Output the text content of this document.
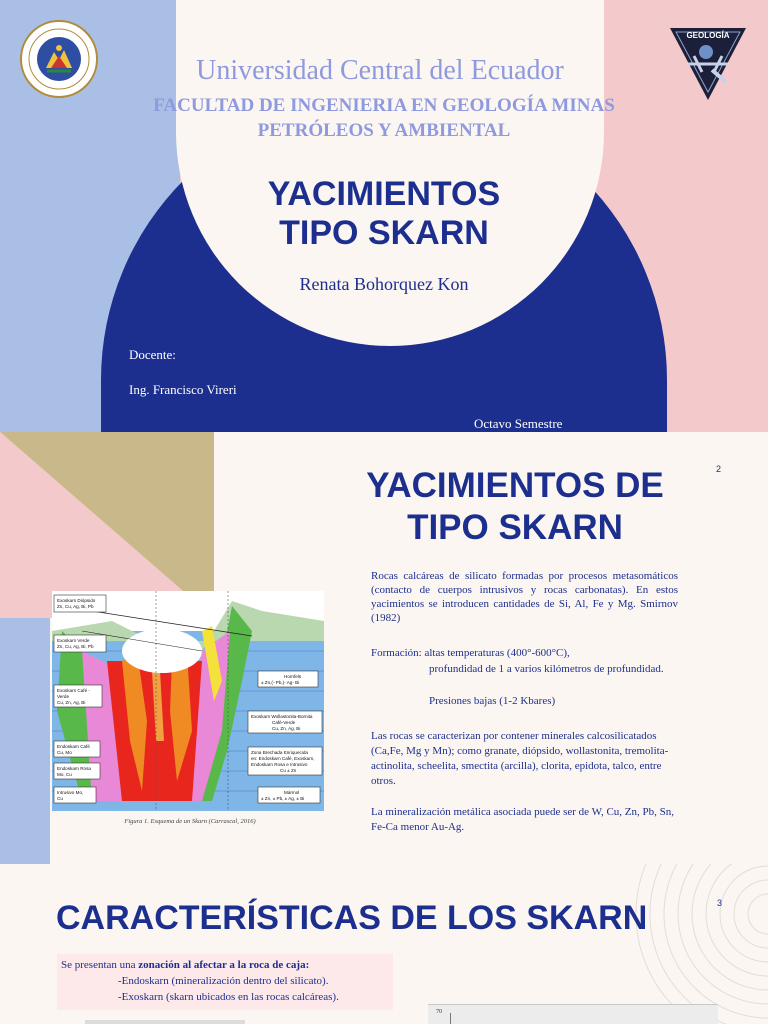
GEOLOGÍA
Universidad Central del Ecuador
FACULTAD DE INGENIERIA EN GEOLOGÍA MINAS
PETRÓLEOS Y AMBIENTAL
YACIMIENTOS
TIPO SKARN
Renata Bohorquez Kon
Docente:
Ing. Francisco Vireri
Octavo Semestre
2
YACIMIENTOS DE
TIPO SKARN
Exoskarn Diópsido
Zn, Cu, Ag, Bi, Pb
Exoskarn Verde
Zn, Cu, Ag, Bi, Pb
Exoskarn Café -
Verde
Cu, Zn, Ag, Bi
Endoskarn Café
Cu, Mo
Endoskarn Rosa
Mo, Cu
Intrusivo Mo,
Cu
Hornfels
± Zn,(- Pb,)- Ag- Bi
Exoskarn Wollastonita-Bornita
Café-Verde
Cu, Zn, Ag, Bi
Zona Brechada Enriquecida
en: Endoskarn Café, Exoskarn,
Endoskarn Rosa e Intrusivo
Cu ± Zn
Mármol
± Zn, ± Pb, ± Ag, ± Bi
Figura 1. Esquema de un Skarn (Carrascal, 2016)
Rocas calcáreas de silicato formadas por procesos metasomáticos (contacto de cuerpos intrusivos y rocas carbonatas). En estos yacimientos se introducen cantidades de Si, Al, Fe y Mg. Smirnov (1982)
Formación: altas temperaturas (400°-600°C),
profundidad de 1 a varios kilómetros de profundidad.
Presiones bajas (1-2 Kbares)
Las rocas se caracterizan por contener minerales calcosilicatados (Ca,Fe, Mg y Mn); como granate, diópsido, wollastonita, tremolita-actinolita, scheelita, smectita (arcilla), clorita, epidota, talco, entre otros.
La mineralización metálica asociada puede ser de W, Cu, Zn, Pb, Sn, Fe-Ca menor Au-Ag.
3
CARACTERÍSTICAS DE LOS SKARN
Se presentan una zonación al afectar a la roca de caja:
-Endoskarn (mineralización dentro del silicato).
-Exoskarn (skarn ubicados en las rocas calcáreas).
70
